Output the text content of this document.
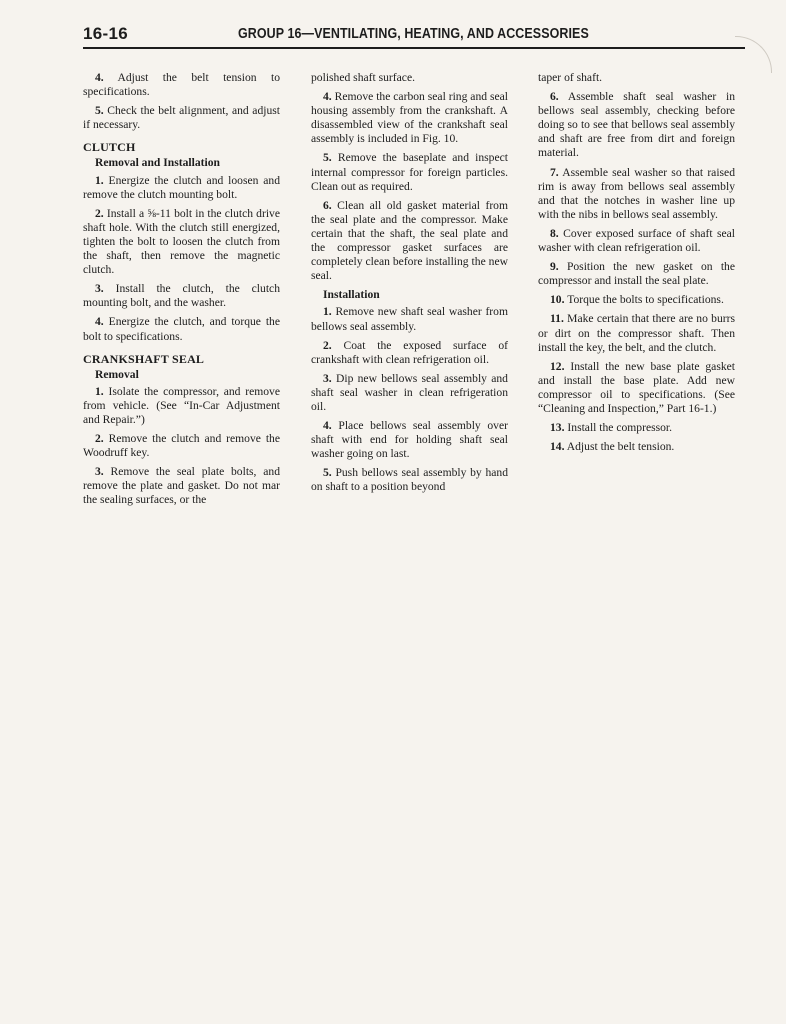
16-16	GROUP 16—VENTILATING, HEATING, AND ACCESSORIES

4. Adjust the belt tension to specifications.

5. Check the belt alignment, and adjust if necessary.

CLUTCH
Removal and Installation

1. Energize the clutch and loosen and remove the clutch mounting bolt.

2. Install a ⅝-11 bolt in the clutch drive shaft hole. With the clutch still energized, tighten the bolt to loosen the clutch from the shaft, then remove the magnetic clutch.

3. Install the clutch, the clutch mounting bolt, and the washer.

4. Energize the clutch, and torque the bolt to specifications.

CRANKSHAFT SEAL
Removal

1. Isolate the compressor, and remove from vehicle. (See “In-Car Adjustment and Repair.”)

2. Remove the clutch and remove the Woodruff key.

3. Remove the seal plate bolts, and remove the plate and gasket. Do not mar the sealing surfaces, or the

polished shaft surface.

4. Remove the carbon seal ring and seal housing assembly from the crankshaft. A disassembled view of the crankshaft seal assembly is included in Fig. 10.

5. Remove the baseplate and inspect internal compressor for foreign particles. Clean out as required.

6. Clean all old gasket material from the seal plate and the compressor. Make certain that the shaft, the seal plate and the compressor gasket surfaces are completely clean before installing the new seal.

Installation

1. Remove new shaft seal washer from bellows seal assembly.

2. Coat the exposed surface of crankshaft with clean refrigeration oil.

3. Dip new bellows seal assembly and shaft seal washer in clean refrigeration oil.

4. Place bellows seal assembly over shaft with end for holding shaft seal washer going on last.

5. Push bellows seal assembly by hand on shaft to a position beyond

taper of shaft.

6. Assemble shaft seal washer in bellows seal assembly, checking before doing so to see that bellows seal assembly and shaft are free from dirt and foreign material.

7. Assemble seal washer so that raised rim is away from bellows seal assembly and that the notches in washer line up with the nibs in bellows seal assembly.

8. Cover exposed surface of shaft seal washer with clean refrigeration oil.

9. Position the new gasket on the compressor and install the seal plate.

10. Torque the bolts to specifications.

11. Make certain that there are no burrs or dirt on the compressor shaft. Then install the key, the belt, and the clutch.

12. Install the new base plate gasket and install the base plate. Add new compressor oil to specifications. (See “Cleaning and Inspection,” Part 16-1.)

13. Install the compressor.

14. Adjust the belt tension.
